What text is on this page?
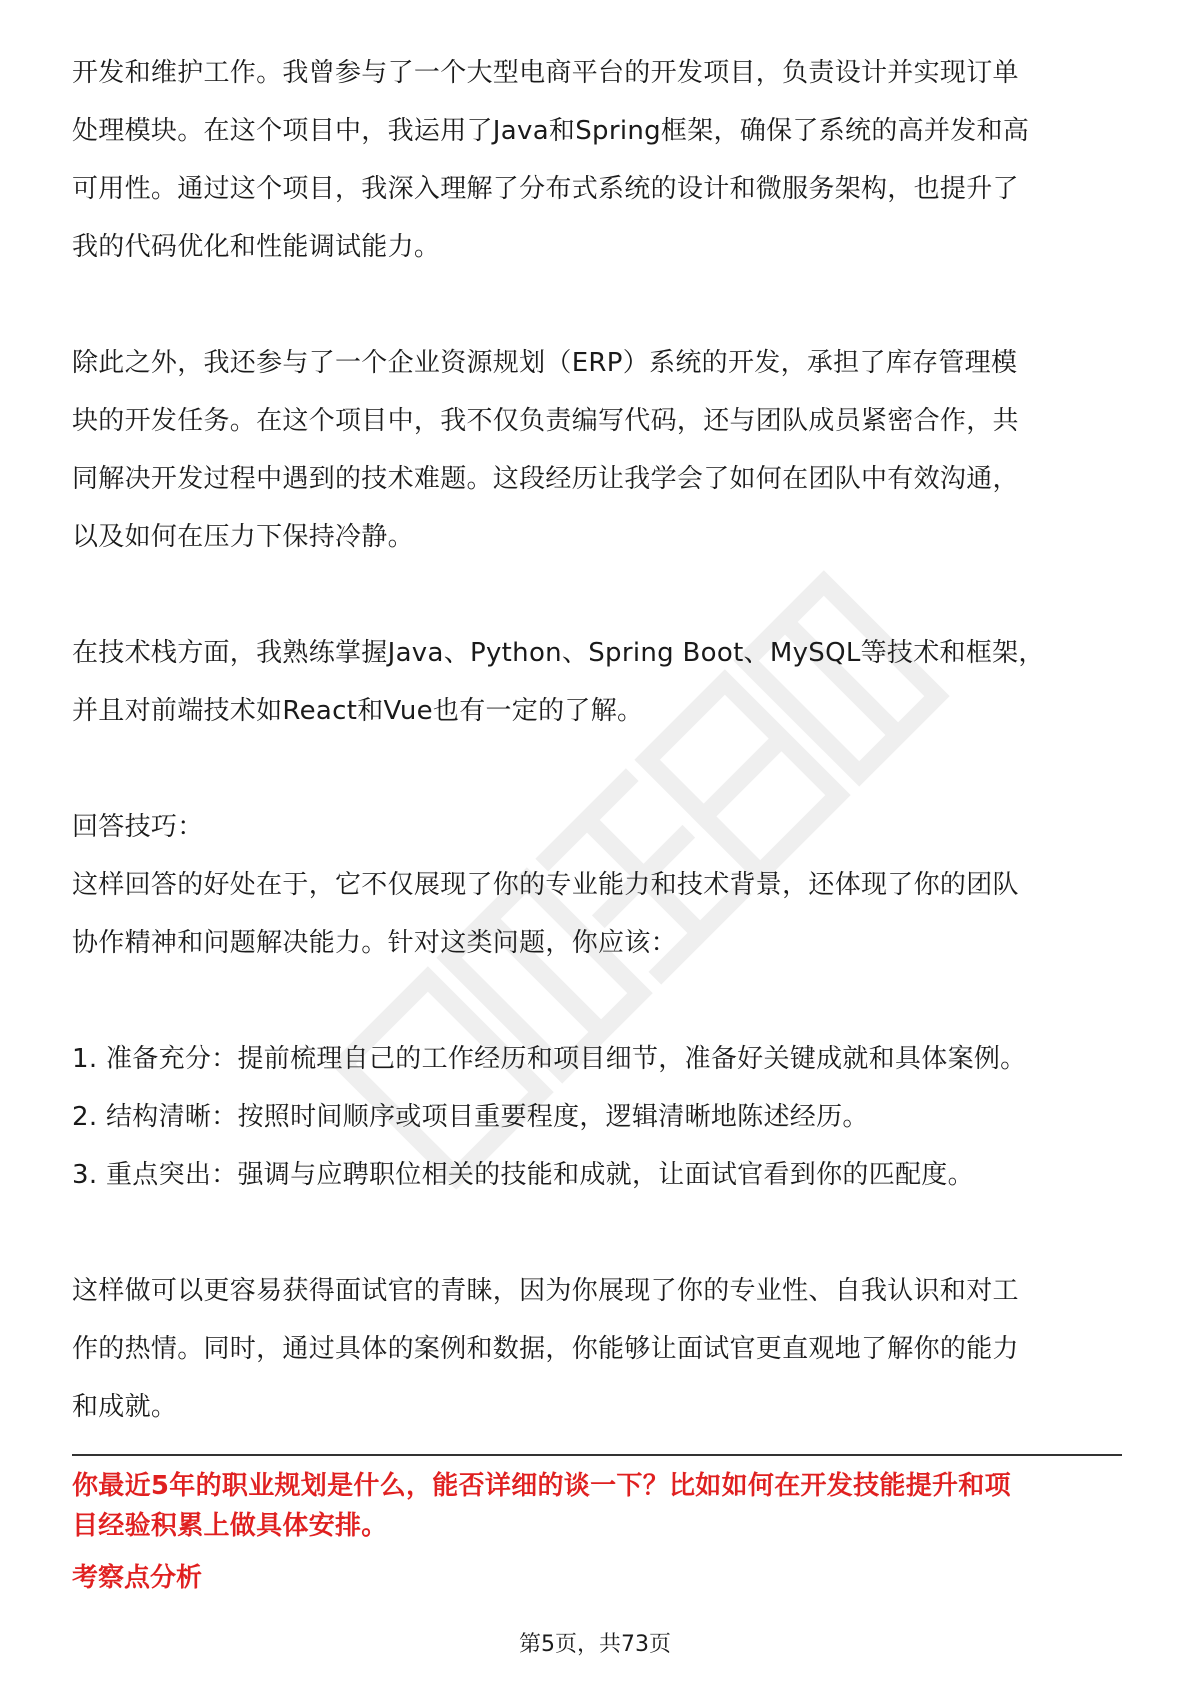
开发和维护工作。我曾参与了一个大型电商平台的开发项目，负责设计并实现订单

处理模块。在这个项目中，我运用了Java和Spring框架，确保了系统的高并发和高

可用性。通过这个项目，我深入理解了分布式系统的设计和微服务架构，也提升了

我的代码优化和性能调试能力。

除此之外，我还参与了一个企业资源规划（ERP）系统的开发，承担了库存管理模

块的开发任务。在这个项目中，我不仅负责编写代码，还与团队成员紧密合作，共

同解决开发过程中遇到的技术难题。这段经历让我学会了如何在团队中有效沟通，

以及如何在压力下保持冷静。

在技术栈方面，我熟练掌握Java、Python、Spring Boot、MySQL等技术和框架，

并且对前端技术如React和Vue也有一定的了解。

回答技巧：

这样回答的好处在于，它不仅展现了你的专业能力和技术背景，还体现了你的团队

协作精神和问题解决能力。针对这类问题，你应该：

1. 准备充分：提前梳理自己的工作经历和项目细节，准备好关键成就和具体案例。

2. 结构清晰：按照时间顺序或项目重要程度，逻辑清晰地陈述经历。

3. 重点突出：强调与应聘职位相关的技能和成就，让面试官看到你的匹配度。

这样做可以更容易获得面试官的青睐，因为你展现了你的专业性、自我认识和对工

作的热情。同时，通过具体的案例和数据，你能够让面试官更直观地了解你的能力

和成就。

你最近5年的职业规划是什么，能否详细的谈一下？比如如何在开发技能提升和项
目经验积累上做具体安排。
考察点分析
第5页，共73页
